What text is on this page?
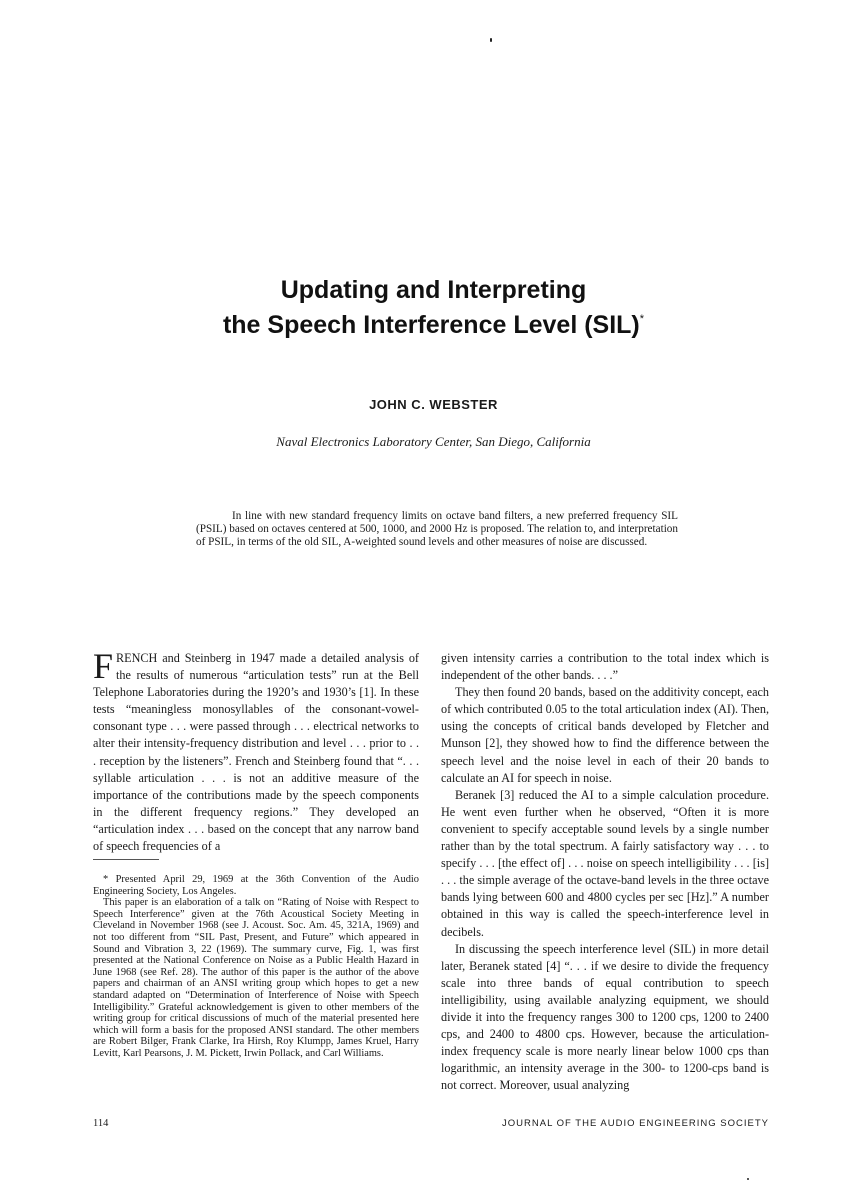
Updating and Interpreting
the Speech Interference Level (SIL)*
JOHN C. WEBSTER
Naval Electronics Laboratory Center, San Diego, California

In line with new standard frequency limits on octave band filters, a new preferred frequency SIL (PSIL) based on octaves centered at 500, 1000, and 2000 Hz is proposed. The relation to, and interpretation of PSIL, in terms of the old SIL, A-weighted sound levels and other measures of noise are discussed.

FRENCH and Steinberg in 1947 made a detailed analysis of the results of numerous “articulation tests” run at the Bell Telephone Laboratories during the 1920’s and 1930’s [1]. In these tests “meaningless monosyllables of the consonant-vowel-consonant type . . . were passed through . . . electrical networks to alter their intensity-frequency distribution and level . . . prior to . . . reception by the listeners”. French and Steinberg found that “. . . syllable articulation . . . is not an additive measure of the importance of the contributions made by the speech components in the different frequency regions.” They developed an “articulation index . . . based on the concept that any narrow band of speech frequencies of a

* Presented April 29, 1969 at the 36th Convention of the Audio Engineering Society, Los Angeles.

This paper is an elaboration of a talk on “Rating of Noise with Respect to Speech Interference” given at the 76th Acoustical Society Meeting in Cleveland in November 1968 (see J. Acoust. Soc. Am. 45, 321A, 1969) and not too different from “SIL Past, Present, and Future” which appeared in Sound and Vibration 3, 22 (1969). The summary curve, Fig. 1, was first presented at the National Conference on Noise as a Public Health Hazard in June 1968 (see Ref. 28). The author of this paper is the author of the above papers and chairman of an ANSI writing group which hopes to get a new standard adapted on “Determination of Interference of Noise with Speech Intelligibility.” Grateful acknowledgement is given to other members of the writing group for critical discussions of much of the material presented here which will form a basis for the proposed ANSI standard. The other members are Robert Bilger, Frank Clarke, Ira Hirsh, Roy Klumpp, James Kruel, Harry Levitt, Karl Pearsons, J. M. Pickett, Irwin Pollack, and Carl Williams.

given intensity carries a contribution to the total index which is independent of the other bands. . . .”

They then found 20 bands, based on the additivity concept, each of which contributed 0.05 to the total articulation index (AI). Then, using the concepts of critical bands developed by Fletcher and Munson [2], they showed how to find the difference between the speech level and the noise level in each of their 20 bands to calculate an AI for speech in noise.

Beranek [3] reduced the AI to a simple calculation procedure. He went even further when he observed, “Often it is more convenient to specify acceptable sound levels by a single number rather than by the total spectrum. A fairly satisfactory way . . . to specify . . . [the effect of] . . . noise on speech intelligibility . . . [is] . . . the simple average of the octave-band levels in the three octave bands lying between 600 and 4800 cycles per sec [Hz].” A number obtained in this way is called the speech-interference level in decibels.

In discussing the speech interference level (SIL) in more detail later, Beranek stated [4] “. . . if we desire to divide the frequency scale into three bands of equal contribution to speech intelligibility, using available analyzing equipment, we should divide it into the frequency ranges 300 to 1200 cps, 1200 to 2400 cps, and 2400 to 4800 cps. However, because the articulation-index frequency scale is more nearly linear below 1000 cps than logarithmic, an intensity average in the 300- to 1200-cps band is not correct. Moreover, usual analyzing

114	JOURNAL OF THE AUDIO ENGINEERING SOCIETY
